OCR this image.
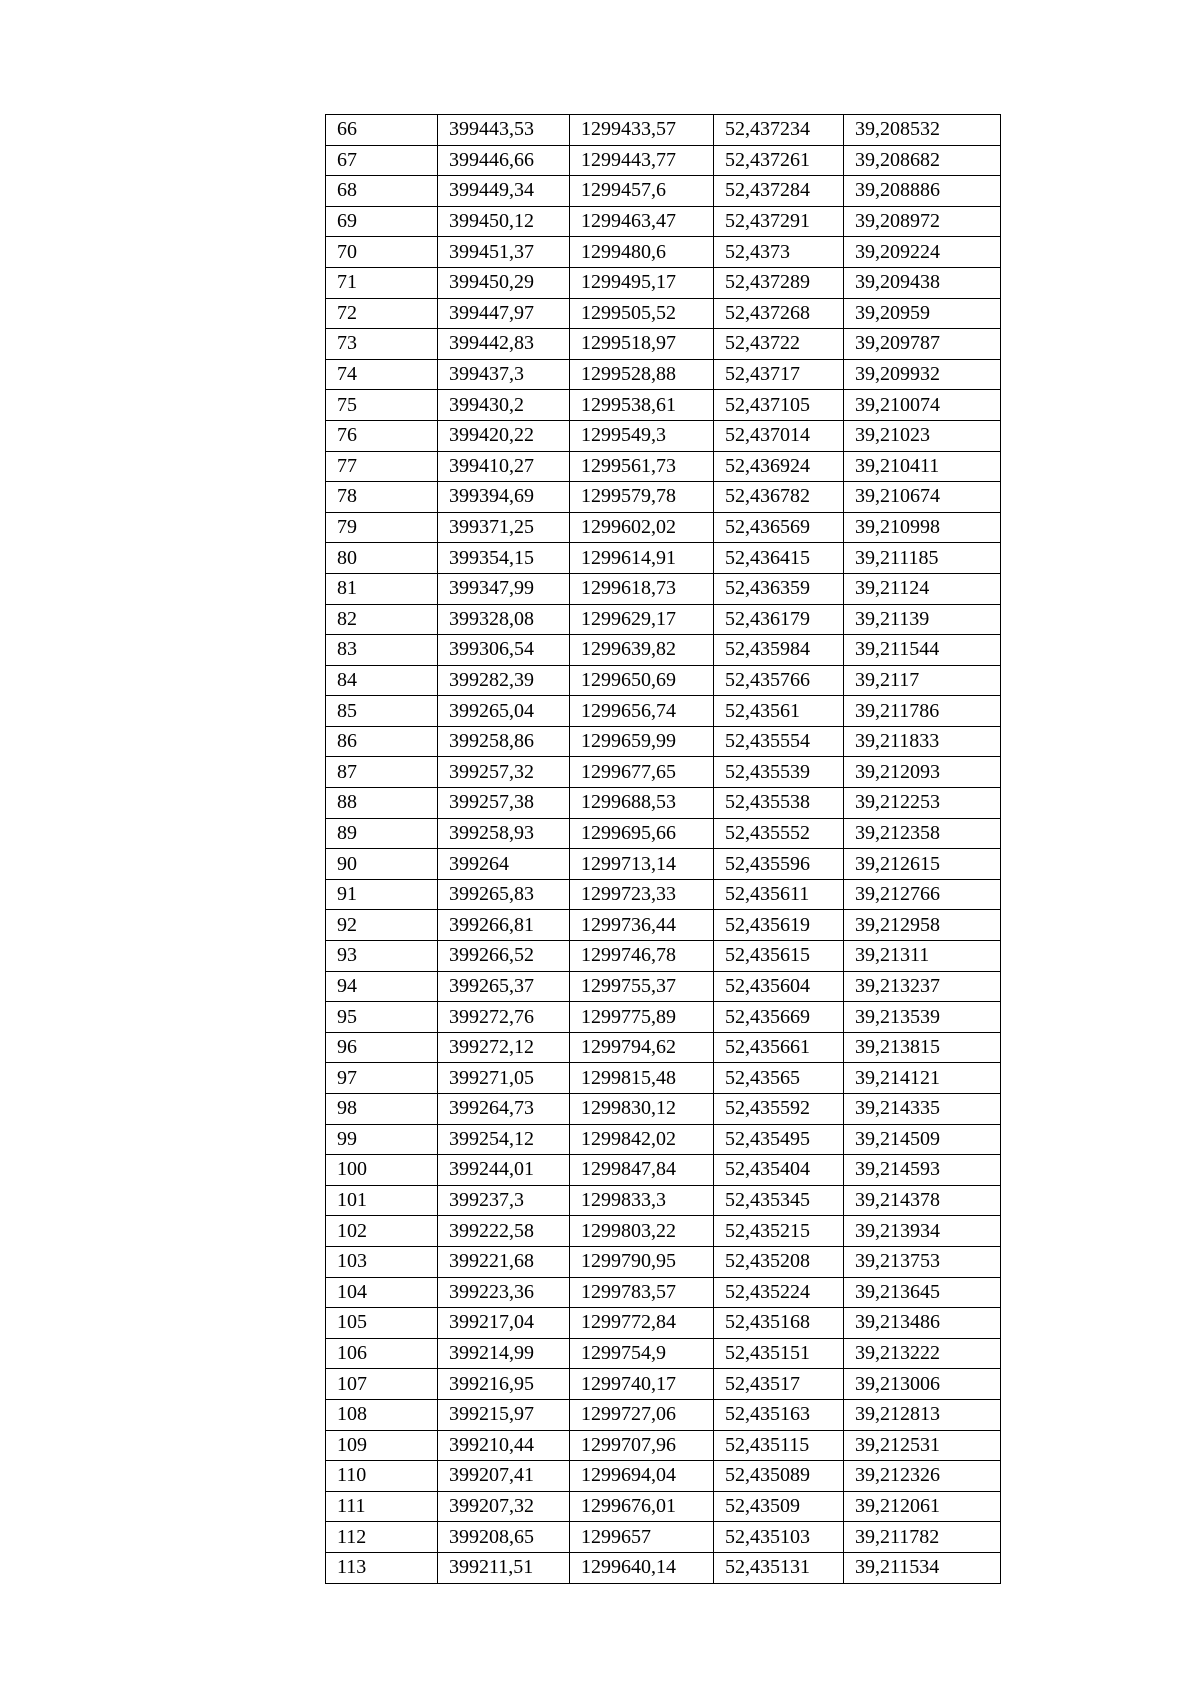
66	399443,53	1299433,57	52,437234	39,208532
67	399446,66	1299443,77	52,437261	39,208682
68	399449,34	1299457,6	52,437284	39,208886
69	399450,12	1299463,47	52,437291	39,208972
70	399451,37	1299480,6	52,4373	39,209224
71	399450,29	1299495,17	52,437289	39,209438
72	399447,97	1299505,52	52,437268	39,20959
73	399442,83	1299518,97	52,43722	39,209787
74	399437,3	1299528,88	52,43717	39,209932
75	399430,2	1299538,61	52,437105	39,210074
76	399420,22	1299549,3	52,437014	39,21023
77	399410,27	1299561,73	52,436924	39,210411
78	399394,69	1299579,78	52,436782	39,210674
79	399371,25	1299602,02	52,436569	39,210998
80	399354,15	1299614,91	52,436415	39,211185
81	399347,99	1299618,73	52,436359	39,21124
82	399328,08	1299629,17	52,436179	39,21139
83	399306,54	1299639,82	52,435984	39,211544
84	399282,39	1299650,69	52,435766	39,2117
85	399265,04	1299656,74	52,43561	39,211786
86	399258,86	1299659,99	52,435554	39,211833
87	399257,32	1299677,65	52,435539	39,212093
88	399257,38	1299688,53	52,435538	39,212253
89	399258,93	1299695,66	52,435552	39,212358
90	399264	1299713,14	52,435596	39,212615
91	399265,83	1299723,33	52,435611	39,212766
92	399266,81	1299736,44	52,435619	39,212958
93	399266,52	1299746,78	52,435615	39,21311
94	399265,37	1299755,37	52,435604	39,213237
95	399272,76	1299775,89	52,435669	39,213539
96	399272,12	1299794,62	52,435661	39,213815
97	399271,05	1299815,48	52,43565	39,214121
98	399264,73	1299830,12	52,435592	39,214335
99	399254,12	1299842,02	52,435495	39,214509
100	399244,01	1299847,84	52,435404	39,214593
101	399237,3	1299833,3	52,435345	39,214378
102	399222,58	1299803,22	52,435215	39,213934
103	399221,68	1299790,95	52,435208	39,213753
104	399223,36	1299783,57	52,435224	39,213645
105	399217,04	1299772,84	52,435168	39,213486
106	399214,99	1299754,9	52,435151	39,213222
107	399216,95	1299740,17	52,43517	39,213006
108	399215,97	1299727,06	52,435163	39,212813
109	399210,44	1299707,96	52,435115	39,212531
110	399207,41	1299694,04	52,435089	39,212326
111	399207,32	1299676,01	52,43509	39,212061
112	399208,65	1299657	52,435103	39,211782
113	399211,51	1299640,14	52,435131	39,211534
